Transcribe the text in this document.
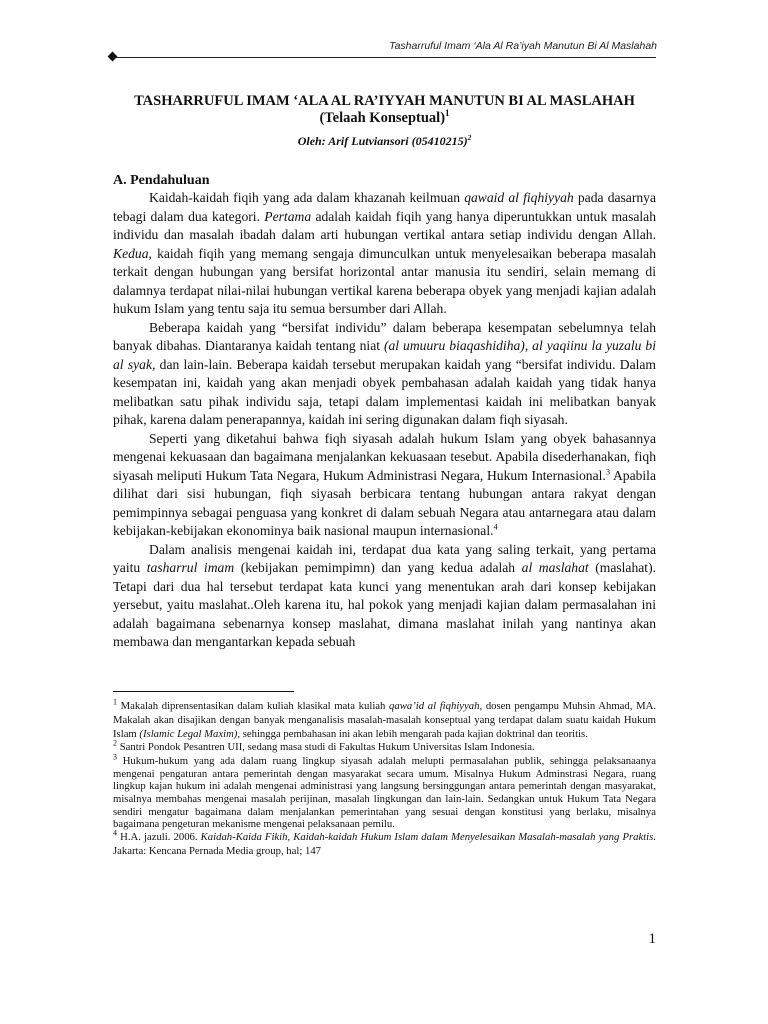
Tasharruful Imam ‘Ala Al Ra’iyah Manutun Bi Al Maslahah
TASHARRUFUL IMAM ‘ALA AL RA’IYYAH MANUTUN BI AL MASLAHAH
(Telaah Konseptual)$^1$
Oleh: Arif Lutviansori $(05410215)^2$
A. Pendahuluan

Kaidah-kaidah fiqih yang ada dalam khazanah keilmuan qawaid al fiqhiyyah pada dasarnya tebagi dalam dua kategori. Pertama adalah kaidah fiqih yang hanya diperuntukkan untuk masalah individu dan masalah ibadah dalam arti hubungan vertikal antara setiap individu dengan Allah. Kedua, kaidah fiqih yang memang sengaja dimunculkan untuk menyelesaikan beberapa masalah terkait dengan hubungan yang bersifat horizontal antar manusia itu sendiri, selain memang di dalamnya terdapat nilai-nilai hubungan vertikal karena beberapa obyek yang menjadi kajian adalah hukum Islam yang tentu saja itu semua bersumber dari Allah.

Beberapa kaidah yang “bersifat individu” dalam beberapa kesempatan sebelumnya telah banyak dibahas. Diantaranya kaidah tentang niat (al umuuru biaqashidiha), al yaqiinu la yuzalu bi al syak, dan lain-lain. Beberapa kaidah tersebut merupakan kaidah yang “bersifat individu. Dalam kesempatan ini, kaidah yang akan menjadi obyek pembahasan adalah kaidah yang tidak hanya melibatkan satu pihak individu saja, tetapi dalam implementasi kaidah ini melibatkan banyak pihak, karena dalam penerapannya, kaidah ini sering digunakan dalam fiqh siyasah.

Seperti yang diketahui bahwa fiqh siyasah adalah hukum Islam yang obyek bahasannya mengenai kekuasaan dan bagaimana menjalankan kekuasaan tesebut. Apabila disederhanakan, fiqh siyasah meliputi Hukum Tata Negara, Hukum Administrasi Negara, Hukum Internasional.$^3$ Apabila dilihat dari sisi hubungan, fiqh siyasah berbicara tentang hubungan antara rakyat dengan pemimpinnya sebagai penguasa yang konkret di dalam sebuah Negara atau antarnegara atau dalam kebijakan-kebijakan ekonominya baik nasional maupun internasional.$^4$

Dalam analisis mengenai kaidah ini, terdapat dua kata yang saling terkait, yang pertama yaitu tasharrul imam (kebijakan pemimpimn) dan yang kedua adalah al maslahat (maslahat). Tetapi dari dua hal tersebut terdapat kata kunci yang menentukan arah dari konsep kebijakan yersebut, yaitu maslahat..Oleh karena itu, hal pokok yang menjadi kajian dalam permasalahan ini adalah bagaimana sebenarnya konsep maslahat, dimana maslahat inilah yang nantinya akan membawa dan mengantarkan kepada sebuah

$^1$ Makalah diprensentasikan dalam kuliah klasikal mata kuliah qawa’id al fiqhiyyah, dosen pengampu Muhsin Ahmad, MA. Makalah akan disajikan dengan banyak menganalisis masalah-masalah konseptual yang terdapat dalam suatu kaidah Hukum Islam (Islamic Legal Maxim), sehingga pembahasan ini akan lebih mengarah pada kajian doktrinal dan teoritis.

$^2$ Santri Pondok Pesantren UII, sedang masa studi di Fakultas Hukum Universitas Islam Indonesia.

$^3$ Hukum-hukum yang ada dalam ruang lingkup siyasah adalah melupti permasalahan publik, sehingga pelaksanaanya mengenai pengaturan antara pemerintah dengan masyarakat secara umum. Misalnya Hukum Adminstrasi Negara, ruang lingkup kajan hukum ini adalah mengenai administrasi yang langsung bersinggungan antara pemerintah dengan masyarakat, misalnya membahas mengenai masalah perijinan, masalah lingkungan dan lain-lain. Sedangkan untuk Hukum Tata Negara sendiri mengatur bagaimana dalam menjalankan pemerintahan yang sesuai dengan konstitusi yang berlaku, misalnya bagaimana pengeturan mekanisme mengenai pelaksanaan pemilu.

$^4$ H.A. jazuli. 2006. Kaidah-Kaida Fikih, Kaidah-kaidah Hukum Islam dalam Menyelesaikan Masalah-masalah yang Praktis. Jakarta: Kencana Pernada Media group, hal; 147

1
